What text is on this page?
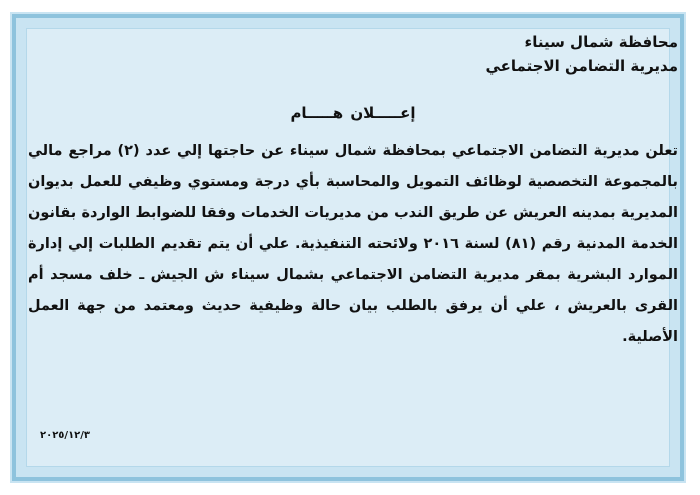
محافظة شمال سيناء

مديرية التضامن الاجتماعي

إعـــــلان هـــــام

تعلن مديرية التضامن الاجتماعي بمحافظة شمال سيناء عن حاجتها إلي عدد (٢) مراجع مالي بالمجموعة التخصصية لوظائف التمويل والمحاسبة بأي درجة ومستوي وظيفي للعمل بديوان المديرية بمدينه العريش عن طريق الندب من مديريات الخدمات وفقا للضوابط الواردة بقانون الخدمة المدنية رقم (٨١) لسنة ٢٠١٦ ولائحته التنفيذية. علي أن يتم تقديم الطلبات إلي إدارة الموارد البشرية بمقر مديرية التضامن الاجتماعي بشمال سيناء ش الجيش ـ خلف مسجد أم القرى بالعريش ، علي أن يرفق بالطلب بيان حالة وظيفية حديث ومعتمد من جهة العمل الأصلية.

٢٠٢٥/١٢/٣
